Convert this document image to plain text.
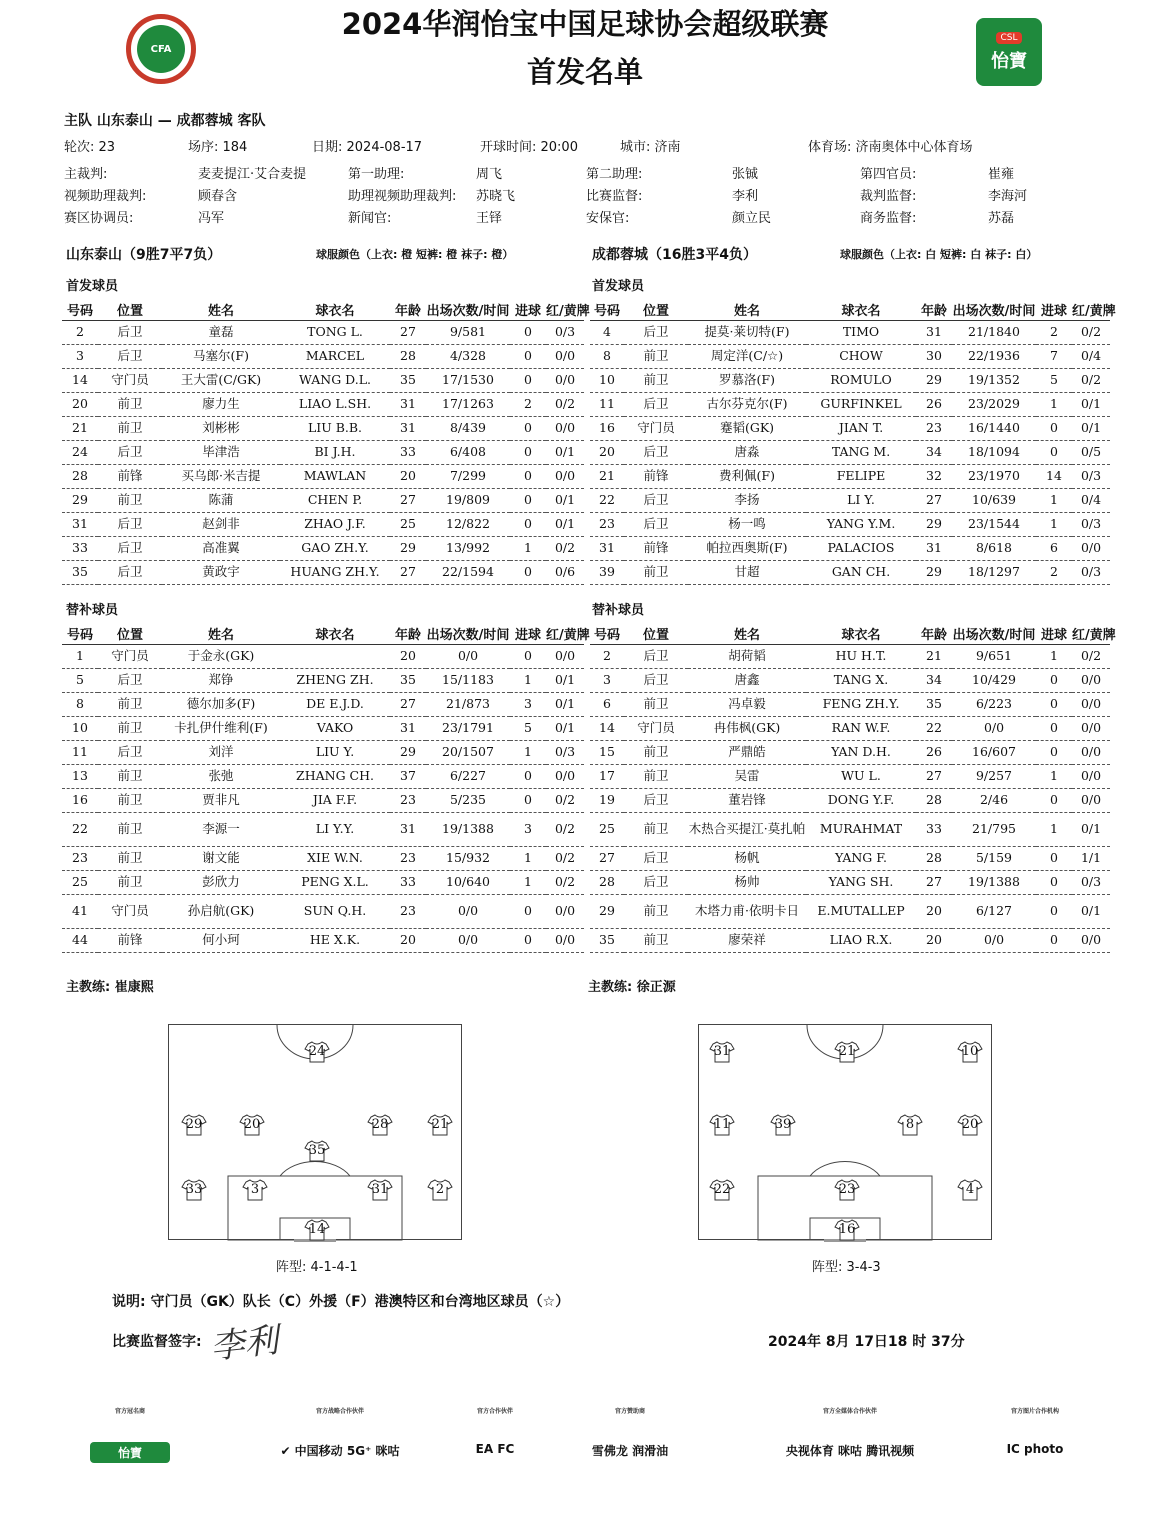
2024华润怡宝中国足球协会超级联赛
首发名单
CFA
CSL
怡寶
主队 山东泰山 — 成都蓉城 客队
轮次: 23	场序: 184	日期: 2024-08-17	开球时间: 20:00	城市: 济南	体育场: 济南奥体中心体育场
主裁判:	麦麦提江·艾合麦提	第一助理:	周飞	第二助理:	张铖	第四官员:	崔雍
视频助理裁判:	顾春含	助理视频助理裁判: 苏晓飞	比赛监督:	李利	裁判监督:	李海河
赛区协调员:	冯军	新闻官:	王铎	安保官:	颜立民	商务监督:	苏磊
山东泰山（9胜7平7负）	球服颜色（上衣: 橙 短裤: 橙 袜子: 橙）	成都蓉城（16胜3平4负）	球服颜色（上衣: 白 短裤: 白 袜子: 白）
首发球员	首发球员
替补球员	替补球员
号码	位置	姓名	球衣名	年龄	出场次数/时间	进球	红/黄牌
2	后卫	童磊	TONG L.	27	9/581	0	0/3
3	后卫	马塞尔(F)	MARCEL	28	4/328	0	0/0
14	守门员	王大雷(C/GK)	WANG D.L.	35	17/1530	0	0/0
20	前卫	廖力生	LIAO L.SH.	31	17/1263	2	0/2
21	前卫	刘彬彬	LIU B.B.	31	8/439	0	0/0
24	后卫	毕津浩	BI J.H.	33	6/408	0	0/1
28	前锋	买乌郎·米吉提	MAWLAN	20	7/299	0	0/0
29	前卫	陈蒲	CHEN P.	27	19/809	0	0/1
31	后卫	赵剑非	ZHAO J.F.	25	12/822	0	0/1
33	后卫	高准翼	GAO ZH.Y.	29	13/992	1	0/2
35	后卫	黄政宇	HUANG ZH.Y.	27	22/1594	0	0/6
号码	位置	姓名	球衣名	年龄	出场次数/时间	进球	红/黄牌
4	后卫	提莫·莱切特(F)	TIMO	31	21/1840	2	0/2
8	前卫	周定洋(C/☆)	CHOW	30	22/1936	7	0/4
10	前卫	罗慕洛(F)	ROMULO	29	19/1352	5	0/2
11	后卫	古尔芬克尔(F)	GURFINKEL	26	23/2029	1	0/1
16	守门员	蹇韬(GK)	JIAN T.	23	16/1440	0	0/1
20	后卫	唐淼	TANG M.	34	18/1094	0	0/5
21	前锋	费利佩(F)	FELIPE	32	23/1970	14	0/3
22	后卫	李扬	LI Y.	27	10/639	1	0/4
23	后卫	杨一鸣	YANG Y.M.	29	23/1544	1	0/3
31	前锋	帕拉西奥斯(F)	PALACIOS	31	8/618	6	0/0
39	前卫	甘超	GAN CH.	29	18/1297	2	0/3
号码	位置	姓名	球衣名	年龄	出场次数/时间	进球	红/黄牌
1	守门员	于金永(GK)		20	0/0	0	0/0
5	后卫	郑铮	ZHENG ZH.	35	15/1183	1	0/1
8	前卫	德尔加多(F)	DE E.J.D.	27	21/873	3	0/1
10	前卫	卡扎伊什维利(F)	VAKO	31	23/1791	5	0/1
11	后卫	刘洋	LIU Y.	29	20/1507	1	0/3
13	前卫	张弛	ZHANG CH.	37	6/227	0	0/0
16	前卫	贾非凡	JIA F.F.	23	5/235	0	0/2
22	前卫	李源一	LI Y.Y.	31	19/1388	3	0/2
23	前卫	谢文能	XIE W.N.	23	15/932	1	0/2
25	前卫	彭欣力	PENG X.L.	33	10/640	1	0/2
41	守门员	孙启航(GK)	SUN Q.H.	23	0/0	0	0/0
44	前锋	何小珂	HE X.K.	20	0/0	0	0/0
号码	位置	姓名	球衣名	年龄	出场次数/时间	进球	红/黄牌
2	后卫	胡荷韬	HU H.T.	21	9/651	1	0/2
3	后卫	唐鑫	TANG X.	34	10/429	0	0/0
6	前卫	冯卓毅	FENG ZH.Y.	35	6/223	0	0/0
14	守门员	冉伟枫(GK)	RAN W.F.	22	0/0	0	0/0
15	前卫	严鼎皓	YAN D.H.	26	16/607	0	0/0
17	前卫	吴雷	WU L.	27	9/257	1	0/0
19	后卫	董岩锋	DONG Y.F.	28	2/46	0	0/0
25	前卫	木热合买提江·莫扎帕	MURAHMAT	33	21/795	1	0/1
27	后卫	杨帆	YANG F.	28	5/159	0	1/1
28	后卫	杨帅	YANG SH.	27	19/1388	0	0/3
29	前卫	木塔力甫·依明卡日	E.MUTALLEP	20	6/127	0	0/1
35	前卫	廖荣祥	LIAO R.X.	20	0/0	0	0/0
主教练: 崔康熙	主教练: 徐正源
24
29	20	28	21
35
33	3	31	2
14
31	21	10
11	39	8	20
22	23	4
16
阵型: 4-1-4-1	阵型: 3-4-3
说明: 守门员（GK）队长（C）外援（F）港澳特区和台湾地区球员（☆）
比赛监督签字: 李利	2024年 8月 17日18 时 37分
官方冠名商
怡寶
官方战略合作伙伴
✔ 中国移动 5G⁺ 咪咕
官方合作伙伴
EA FC
官方赞助商
雪佛龙 润滑油
官方全媒体合作伙伴
央视体育 咪咕 腾讯视频
官方图片合作机构
IC photo
